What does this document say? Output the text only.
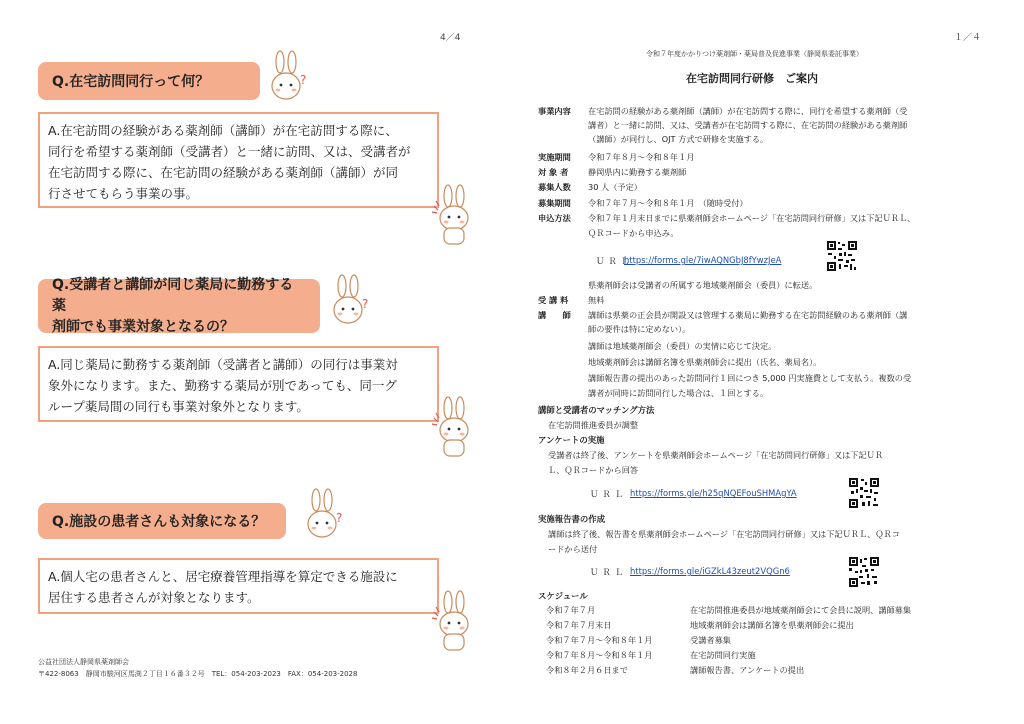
4／4
Q.在宅訪問同行って何？	?
A.在宅訪問の経験がある薬剤師（講師）が在宅訪問する際に、
同行を希望する薬剤師（受講者）と一緒に訪問、又は、受講者が
在宅訪問する際に、在宅訪問の経験がある薬剤師（講師）が同
行させてもらう事業の事。
Q.受講者と講師が同じ薬局に勤務する薬
剤師でも事業対象となるの？
?
A.同じ薬局に勤務する薬剤師（受講者と講師）の同行は事業対
象外になります。また、勤務する薬局が別であっても、同一グ
ループ薬局間の同行も事業対象外となります。
Q.施設の患者さんも対象になる？	?
A.個人宅の患者さんと、居宅療養管理指導を算定できる施設に
居住する患者さんが対象となります。
公益社団法人静岡県薬剤師会
〒422-8063　静岡市駿河区馬渕２丁目１６番３２号　TEL：054-203-2023　FAX：054-203-2028
１／４
令和７年度かかりつけ薬剤師・薬局普及促進事業（静岡県委託事業）
在宅訪問同行研修　ご案内
事業内容 在宅訪問の経験がある薬剤師（講師）が在宅訪問する際に、同行を希望する薬剤師（受
講者）と一緒に訪問、又は、受講者が在宅訪問する際に、在宅訪問の経験がある薬剤師
（講師）が同行し、OJT 方式で研修を実施する。
実施期間 令和７年８月～令和８年１月
対 象 者 静岡県内に勤務する薬剤師
募集人数 30 人（予定）
募集期間 令和７年７月～令和８年１月　（随時受付）
申込方法 令和７年１月末日までに県薬剤師会ホームページ「在宅訪問同行研修」又は下記ＵＲＬ、
ＱＲコードから申込み。
ＵＲＬ
https://forms.gle/7iwAQNGbJ8fYwzJeA
県薬剤師会は受講者の所属する地域薬剤師会（委員）に転送。
受 講 料 無料
講　　師 講師は県薬の正会員が開設又は管理する薬局に勤務する在宅訪問経験のある薬剤師（講
師の要件は特に定めない）。
講師は地域薬剤師会（委員）の実情に応じて決定。
地域薬剤師会は講師名簿を県薬剤師会に提出（氏名、薬局名）。
講師報告書の提出のあった訪問同行１回につき 5,000 円実施費として支払う。複数の受
講者が同時に訪問同行した場合は、１回とする。
講師と受講者のマッチング方法
在宅訪問推進委員が調整
アンケートの実施
受講者は終了後、アンケートを県薬剤師会ホームページ「在宅訪問同行研修」又は下記ＵＲ
Ｌ、ＱＲコードから回答
ＵＲＬ https://forms.gle/h25qNQEFouSHMAgYA
実施報告書の作成
講師は終了後、報告書を県薬剤師会ホームページ「在宅訪問同行研修」又は下記ＵＲＬ、ＱＲコ
ードから送付
ＵＲＬ https://forms.gle/iGZkL43zeut2VQGn6
スケジュール
令和７年７月	在宅訪問推進委員が地域薬剤師会にて会員に説明、講師募集
令和７年７月末日	地域薬剤師会は講師名簿を県薬剤師会に提出
令和７年７月～令和８年１月	受講者募集
令和７年８月～令和８年１月	在宅訪問同行実施
令和８年２月６日まで	講師報告書、アンケートの提出
